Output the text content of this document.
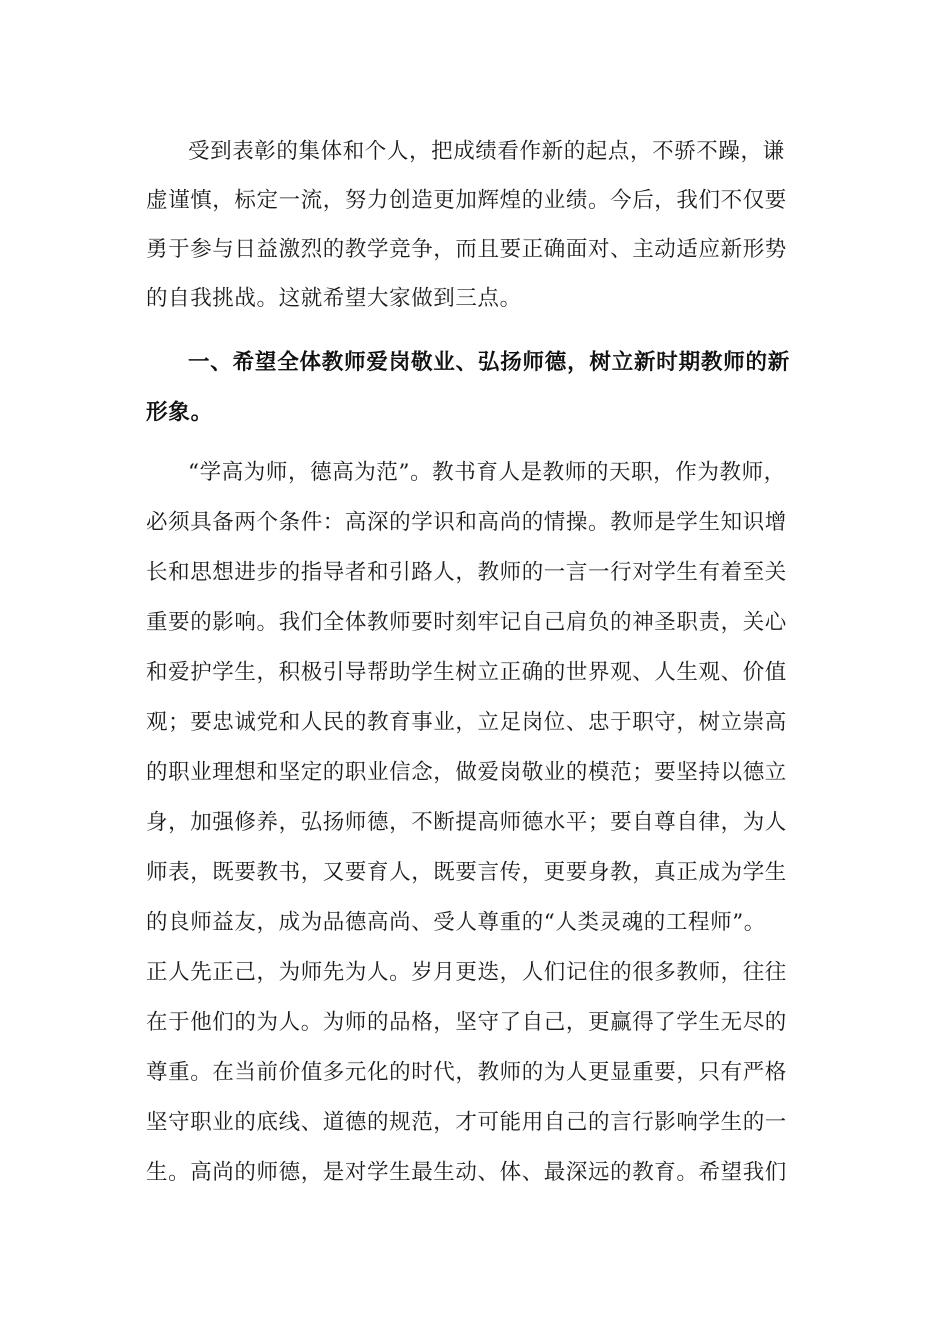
受到表彰的集体和个人，把成绩看作新的起点，不骄不躁，谦
虚谨慎，标定一流，努力创造更加辉煌的业绩。今后，我们不仅要
勇于参与日益激烈的教学竞争，而且要正确面对、主动适应新形势
的自我挑战。这就希望大家做到三点。
一、希望全体教师爱岗敬业、弘扬师德，树立新时期教师的新
形象。
“学高为师，德高为范”。教书育人是教师的天职，作为教师，
必须具备两个条件：高深的学识和高尚的情操。教师是学生知识增
长和思想进步的指导者和引路人，教师的一言一行对学生有着至关
重要的影响。我们全体教师要时刻牢记自己肩负的神圣职责，关心
和爱护学生，积极引导帮助学生树立正确的世界观、人生观、价值
观；要忠诚党和人民的教育事业，立足岗位、忠于职守，树立崇高
的职业理想和坚定的职业信念，做爱岗敬业的模范；要坚持以德立
身，加强修养，弘扬师德，不断提高师德水平；要自尊自律，为人
师表，既要教书，又要育人，既要言传，更要身教，真正成为学生
的良师益友，成为品德高尚、受人尊重的“人类灵魂的工程师”。
正人先正己，为师先为人。岁月更迭，人们记住的很多教师，往往
在于他们的为人。为师的品格，坚守了自己，更赢得了学生无尽的
尊重。在当前价值多元化的时代，教师的为人更显重要，只有严格
坚守职业的底线、道德的规范，才可能用自己的言行影响学生的一
生。高尚的师德，是对学生最生动、体、最深远的教育。希望我们
